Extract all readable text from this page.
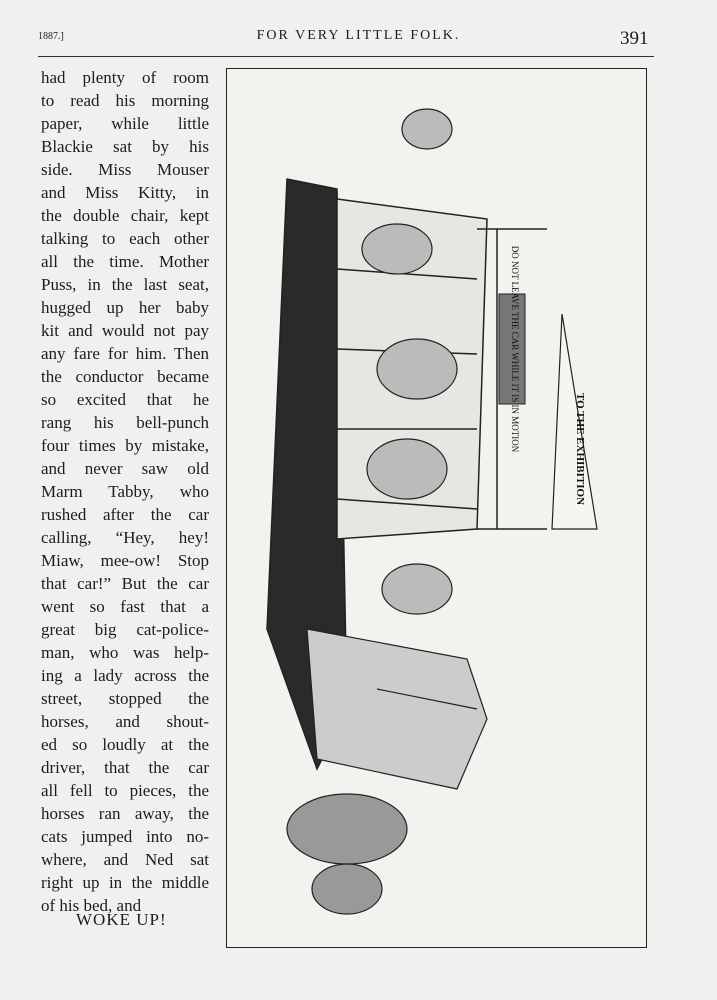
1887.]	FOR VERY LITTLE FOLK.	391
had plenty of room
to read his morning
paper, while little
Blackie sat by his
side. Miss Mouser
and Miss Kitty, in
the double chair, kept
talking to each other
all the time. Mother
Puss, in the last seat,
hugged up her baby
kit and would not pay
any fare for him. Then
the conductor became
so excited that he
rang his bell-punch
four times by mistake,
and never saw old
Marm Tabby, who
rushed after the car
calling, “Hey, hey!
Miaw, mee-ow! Stop
that car!” But the car
went so fast that a
great big cat-police-
man, who was help-
ing a lady across the
street, stopped the
horses, and shout-
ed so loudly at the
driver, that the car
all fell to pieces, the
horses ran away, the
cats jumped into no-
where, and Ned sat
right up in the middle
of his bed, and
WOKE UP!
DO NOT LEAVE THE CAR WHILE IT IS IN MOTION	TO THE EXHIBITION
